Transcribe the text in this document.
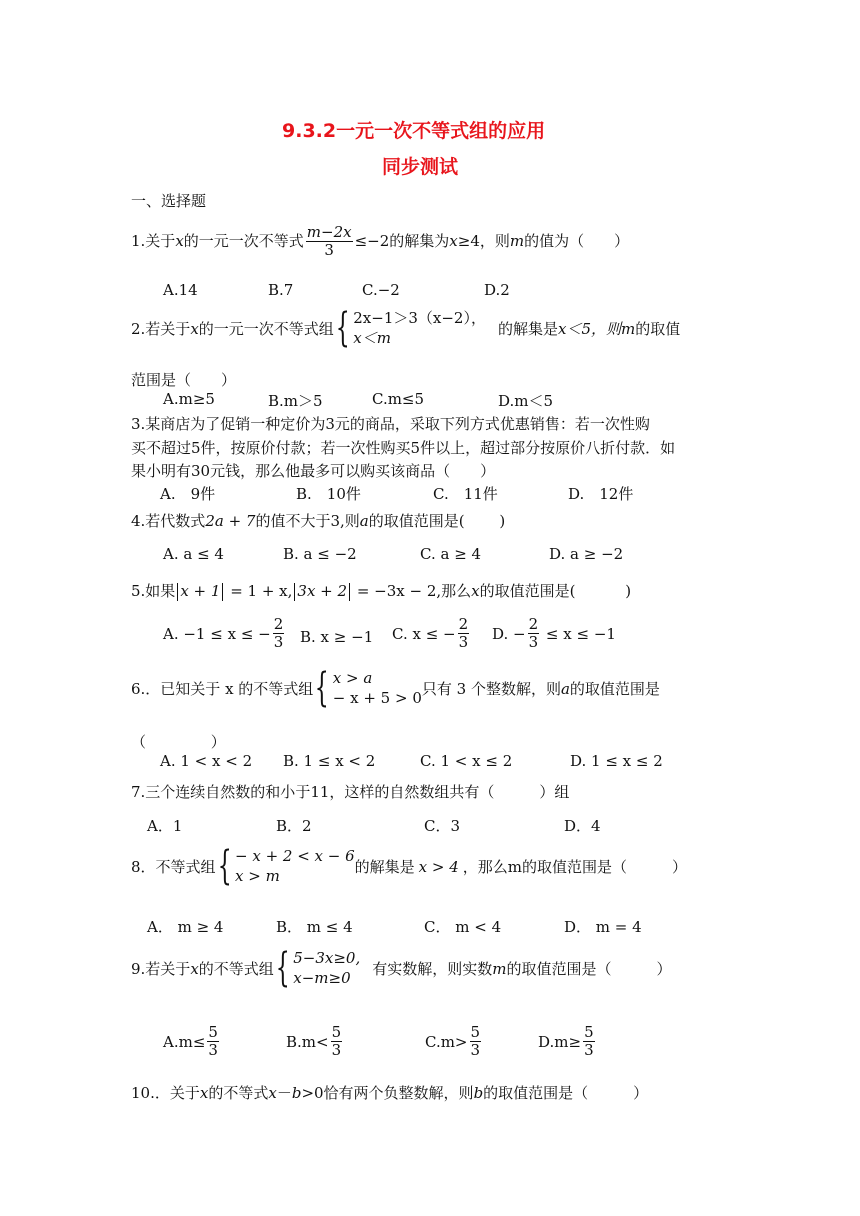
9.3.2一元一次不等式组的应用
同步测试
一、选择题
1.关于x的一元一次不等式 $\frac{m-2x}{3} \le-2$的解集为x≥4，则m的值为（　　）
A.14	B.7	C.−2	D.2
2.若关于x的一元一次不等式组 { 2x−1＞3（x−2），
x＜m
的解集是x＜5，则m的取值
范围是（　　）
A.m≥5	B.m＞5	C.m≤5	D.m＜5
3.某商店为了促销一种定价为3元的商品，采取下列方式优惠销售：若一次性购
买不超过5件，按原价付款；若一次性购买5件以上，超过部分按原价八折付款．如
果小明有30元钱，那么他最多可以购买该商品（　　）
A.　9件	B.　10件	C.　11件	D.　12件
4.若代数式2a + 7的值不大于3,则a的取值范围是(　　 )
A. a ≤ 4	B. a ≤ −2	C. a ≥ 4	D. a ≥ −2
5.如果 x + 1 = 1 + x, 3x + 2 = −3x − 2,那么x的取值范围是(　　　 )
A. −1 ≤ x ≤ − $\frac{2}{3} B$. x ≥ −1 C. x ≤ − $\frac{2}{3} D$. − $\frac{2}{3} \le x \le -1$
6.．已知关于 x 的不等式组 { x > a
− x + 5 > 0
只有 3 个整数解，则a的取值范围是
（　　　　 ）
A. 1 < x < 2 B. 1 ≤ x < 2	C. 1 < x ≤ 2	D. 1 ≤ x ≤ 2
7.三个连续自然数的和小于11，这样的自然数组共有（　　　）组
A．1	B．2	C．3	D．4
8．不等式组 { − x + 2 < x − 6
x > m
的解集是 x > 4 ，那么m的取值范围是（　　　）
A． m ≥ 4	B． m ≤ 4	C． m < 4	D． m = 4
9.若关于x的不等式组 { 5−3x≥0,
x−m≥0
有实数解，则实数m的取值范围是（　　　）
$A.m\le \frac{5}{3}$	$B.m< \frac{5}{3}$	$C.m> \frac{5}{3}$	$D.m\ge \frac{5}{3}$
10.．关于x的不等式x－b>0恰有两个负整数解，则b的取值范围是（　　　）
